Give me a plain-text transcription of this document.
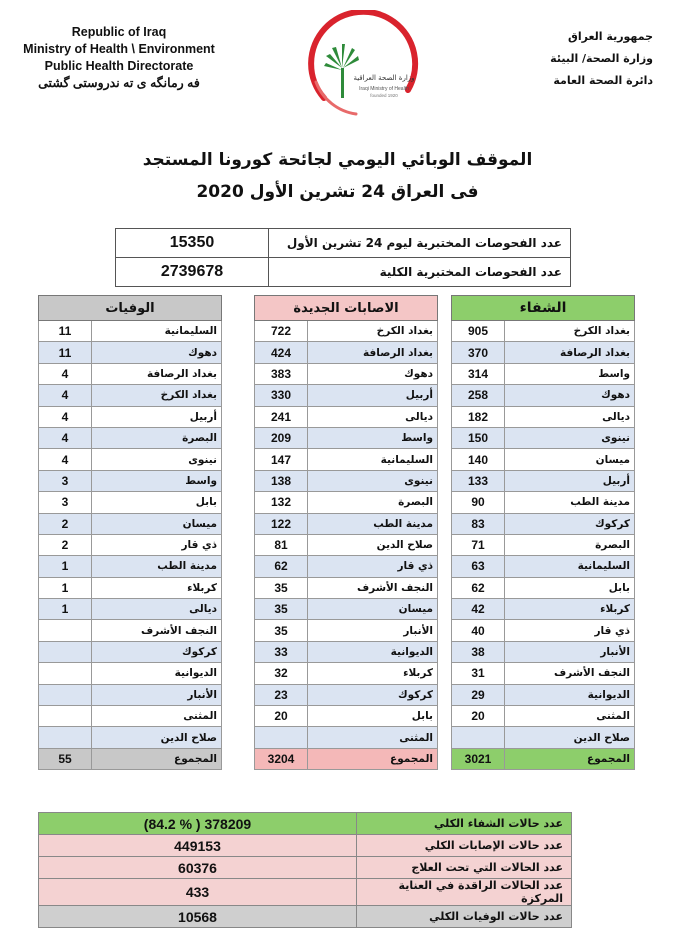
Republic of Iraq
Ministry of Health \ Environment
Public Health Directorate
فه رمانگه ی ته ندروستی گشتی	وزارة الصحة العراقية
Iraqi Ministry of Health
founded 1920
جمهورية العراق
وزارة الصحة/ البيئة
دائرة الصحة العامة
الموقف الوبائي اليومي لجائحة كورونا المستجد
فى العراق 24 تشرين الأول 2020
عدد الفحوصات المختبرية ليوم 24 تشرين الأول	15350
عدد الفحوصات المختبرية الكلية	2739678
الشفاء	
بغداد الكرخ	905
بغداد الرصافة	370
واسط	314
دهوك	258
ديالى	182
نينوى	150
ميسان	140
أربيل	133
مدينة الطب	90
كركوك	83
البصرة	71
السليمانية	63
بابل	62
كربلاء	42
ذي قار	40
الأنبار	38
النجف الأشرف	31
الديوانية	29
المثنى	20
صلاح الدين	
المجموع	3021
الاصابات الجديدة	
بغداد الكرخ	722
بغداد الرصافة	424
دهوك	383
أربيل	330
ديالى	241
واسط	209
السليمانية	147
نينوى	138
البصرة	132
مدينة الطب	122
صلاح الدين	81
ذي قار	62
النجف الأشرف	35
ميسان	35
الأنبار	35
الديوانية	33
كربلاء	32
كركوك	23
بابل	20
المثنى	
المجموع	3204
الوفيات	
السليمانية	11
دهوك	11
بغداد الرصافة	4
بغداد الكرخ	4
أربيل	4
البصرة	4
نينوى	4
واسط	3
بابل	3
ميسان	2
ذي قار	2
مدينة الطب	1
كربلاء	1
ديالى	1
النجف الأشرف	
كركوك	
الديوانية	
الأنبار	
المثنى	
صلاح الدين	
المجموع	55
عدد حالات الشفاء الكلي	378209 ( % 84.2)
عدد حالات الإصابات الكلي	449153
عدد الحالات التي تحت العلاج	60376
عدد الحالات الراقدة في العناية المركزة	433
عدد حالات الوفيات الكلي	10568
